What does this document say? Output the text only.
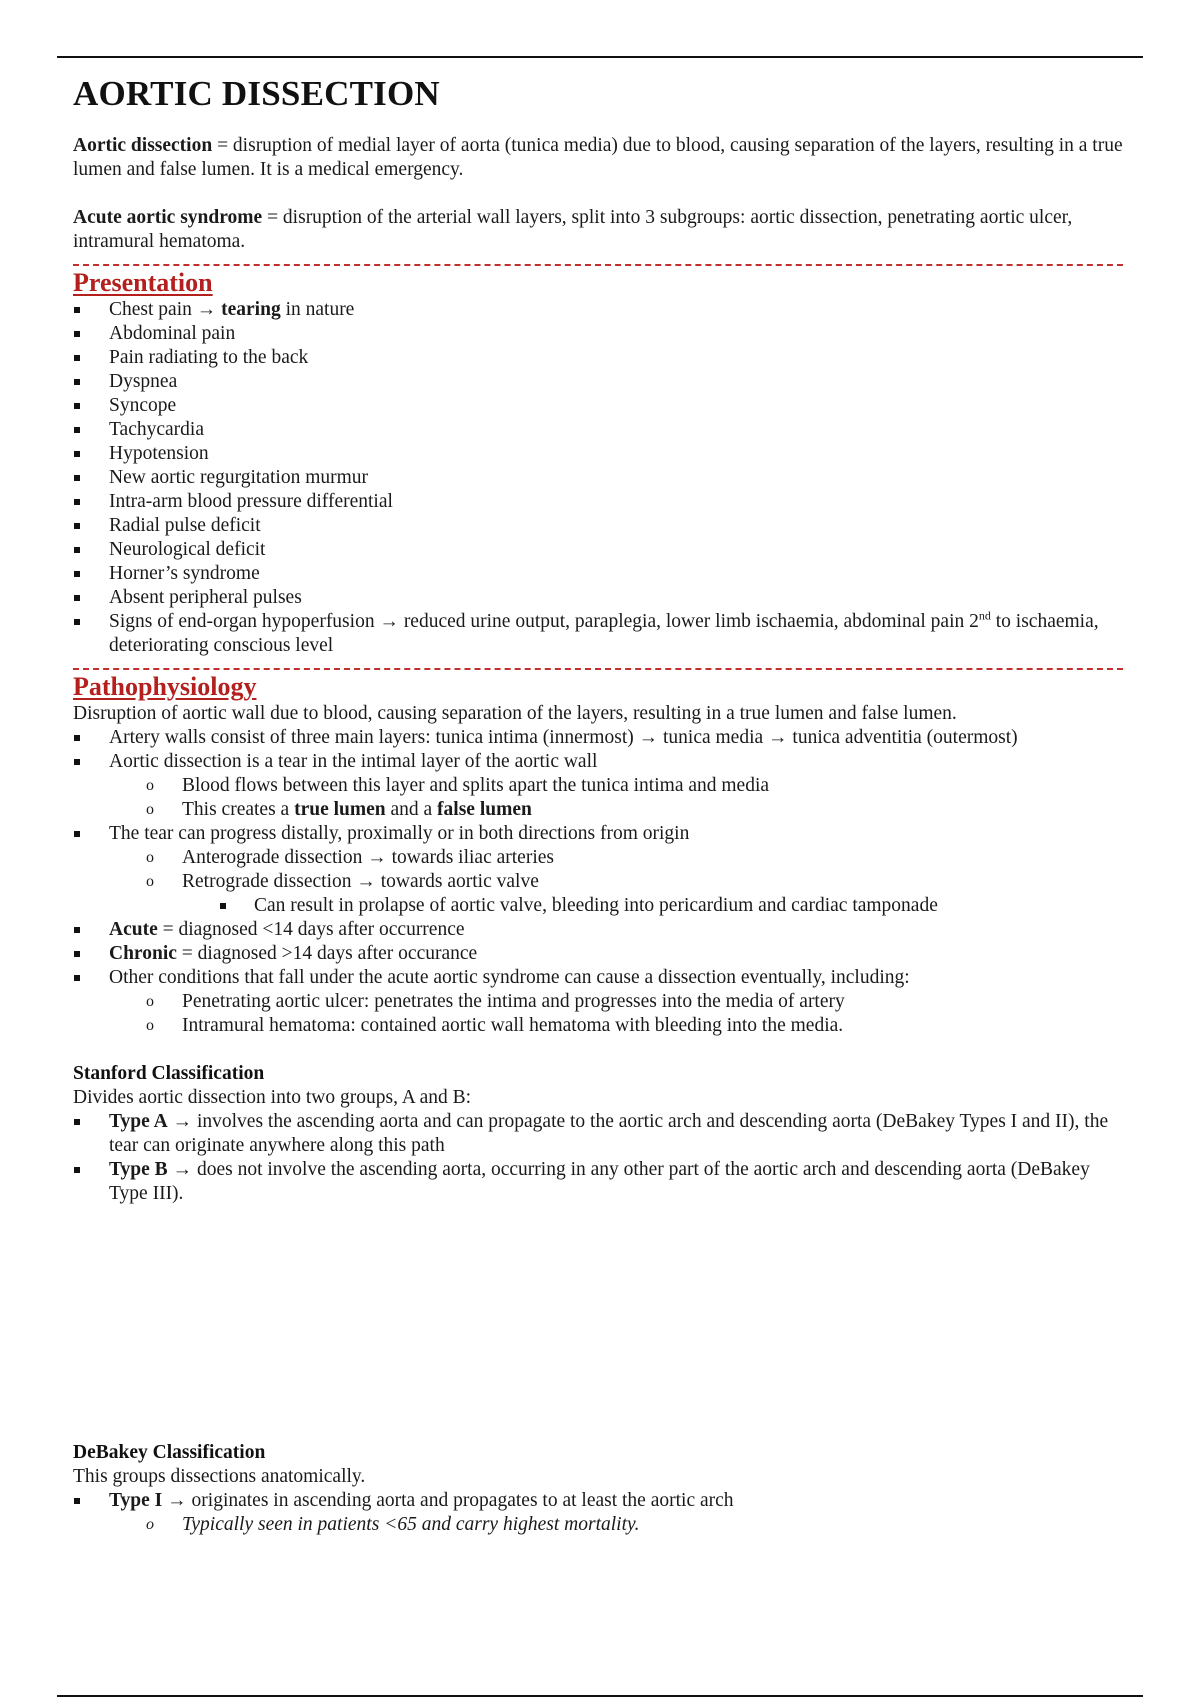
AORTIC DISSECTION

Aortic dissection = disruption of medial layer of aorta (tunica media) due to blood, causing separation of the layers, resulting in a true lumen and false lumen. It is a medical emergency.

Acute aortic syndrome = disruption of the arterial wall layers, split into 3 subgroups: aortic dissection, penetrating aortic ulcer, intramural hematoma.

Presentation
Chest pain → tearing in nature
Abdominal pain
Pain radiating to the back
Dyspnea
Syncope
Tachycardia
Hypotension
New aortic regurgitation murmur
Intra-arm blood pressure differential
Radial pulse deficit
Neurological deficit
Horner’s syndrome
Absent peripheral pulses
Signs of end-organ hypoperfusion → reduced urine output, paraplegia, lower limb ischaemia, abdominal pain 2nd to ischaemia, deteriorating conscious level
Pathophysiology

Disruption of aortic wall due to blood, causing separation of the layers, resulting in a true lumen and false lumen.

Artery walls consist of three main layers: tunica intima (innermost) → tunica media → tunica adventitia (outermost)
Aortic dissection is a tear in the intimal layer of the aortic wall
o Blood flows between this layer and splits apart the tunica intima and media
o This creates a true lumen and a false lumen
The tear can progress distally, proximally or in both directions from origin
o Anterograde dissection → towards iliac arteries
o Retrograde dissection → towards aortic valve
Can result in prolapse of aortic valve, bleeding into pericardium and cardiac tamponade
Acute = diagnosed <14 days after occurrence
Chronic = diagnosed >14 days after occurance
Other conditions that fall under the acute aortic syndrome can cause a dissection eventually, including:
o Penetrating aortic ulcer: penetrates the intima and progresses into the media of artery
o Intramural hematoma: contained aortic wall hematoma with bleeding into the media.
Stanford Classification

Divides aortic dissection into two groups, A and B:

Type A → involves the ascending aorta and can propagate to the aortic arch and descending aorta (DeBakey Types I and II), the tear can originate anywhere along this path
Type B → does not involve the ascending aorta, occurring in any other part of the aortic arch and descending aorta (DeBakey Type III).
DeBakey Classification

This groups dissections anatomically.

Type I → originates in ascending aorta and propagates to at least the aortic arch
o Typically seen in patients <65 and carry highest mortality.
